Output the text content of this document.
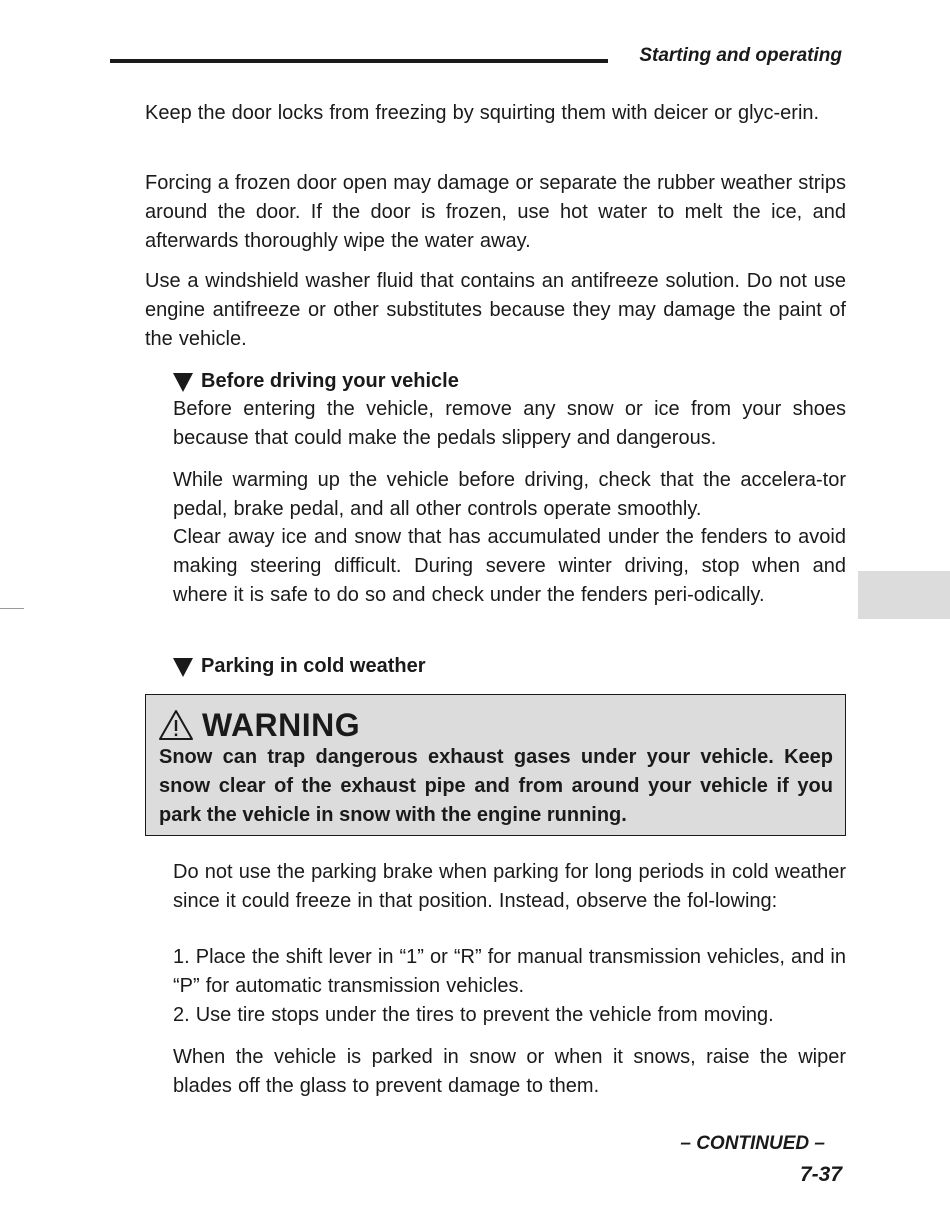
Starting and operating

Keep the door locks from freezing by squirting them with deicer or glyc-erin.

Forcing a frozen door open may damage or separate the rubber weather strips around the door. If the door is frozen, use hot water to melt the ice, and afterwards thoroughly wipe the water away.

Use a windshield washer fluid that contains an antifreeze solution. Do not use engine antifreeze or other substitutes because they may damage the paint of the vehicle.

Before driving your vehicle

Before entering the vehicle, remove any snow or ice from your shoes because that could make the pedals slippery and dangerous.

While warming up the vehicle before driving, check that the accelera-tor pedal, brake pedal, and all other controls operate smoothly.

Clear away ice and snow that has accumulated under the fenders to avoid making steering difficult. During severe winter driving, stop when and where it is safe to do so and check under the fenders peri-odically.

Parking in cold weather
WARNING

Snow can trap dangerous exhaust gases under your vehicle. Keep snow clear of the exhaust pipe and from around your vehicle if you park the vehicle in snow with the engine running.

Do not use the parking brake when parking for long periods in cold weather since it could freeze in that position. Instead, observe the fol-lowing:

1. Place the shift lever in “1” or “R” for manual transmission vehicles, and in “P” for automatic transmission vehicles.
2. Use tire stops under the tires to prevent the vehicle from moving.

When the vehicle is parked in snow or when it snows, raise the wiper blades off the glass to prevent damage to them.

– CONTINUED –
7-37
